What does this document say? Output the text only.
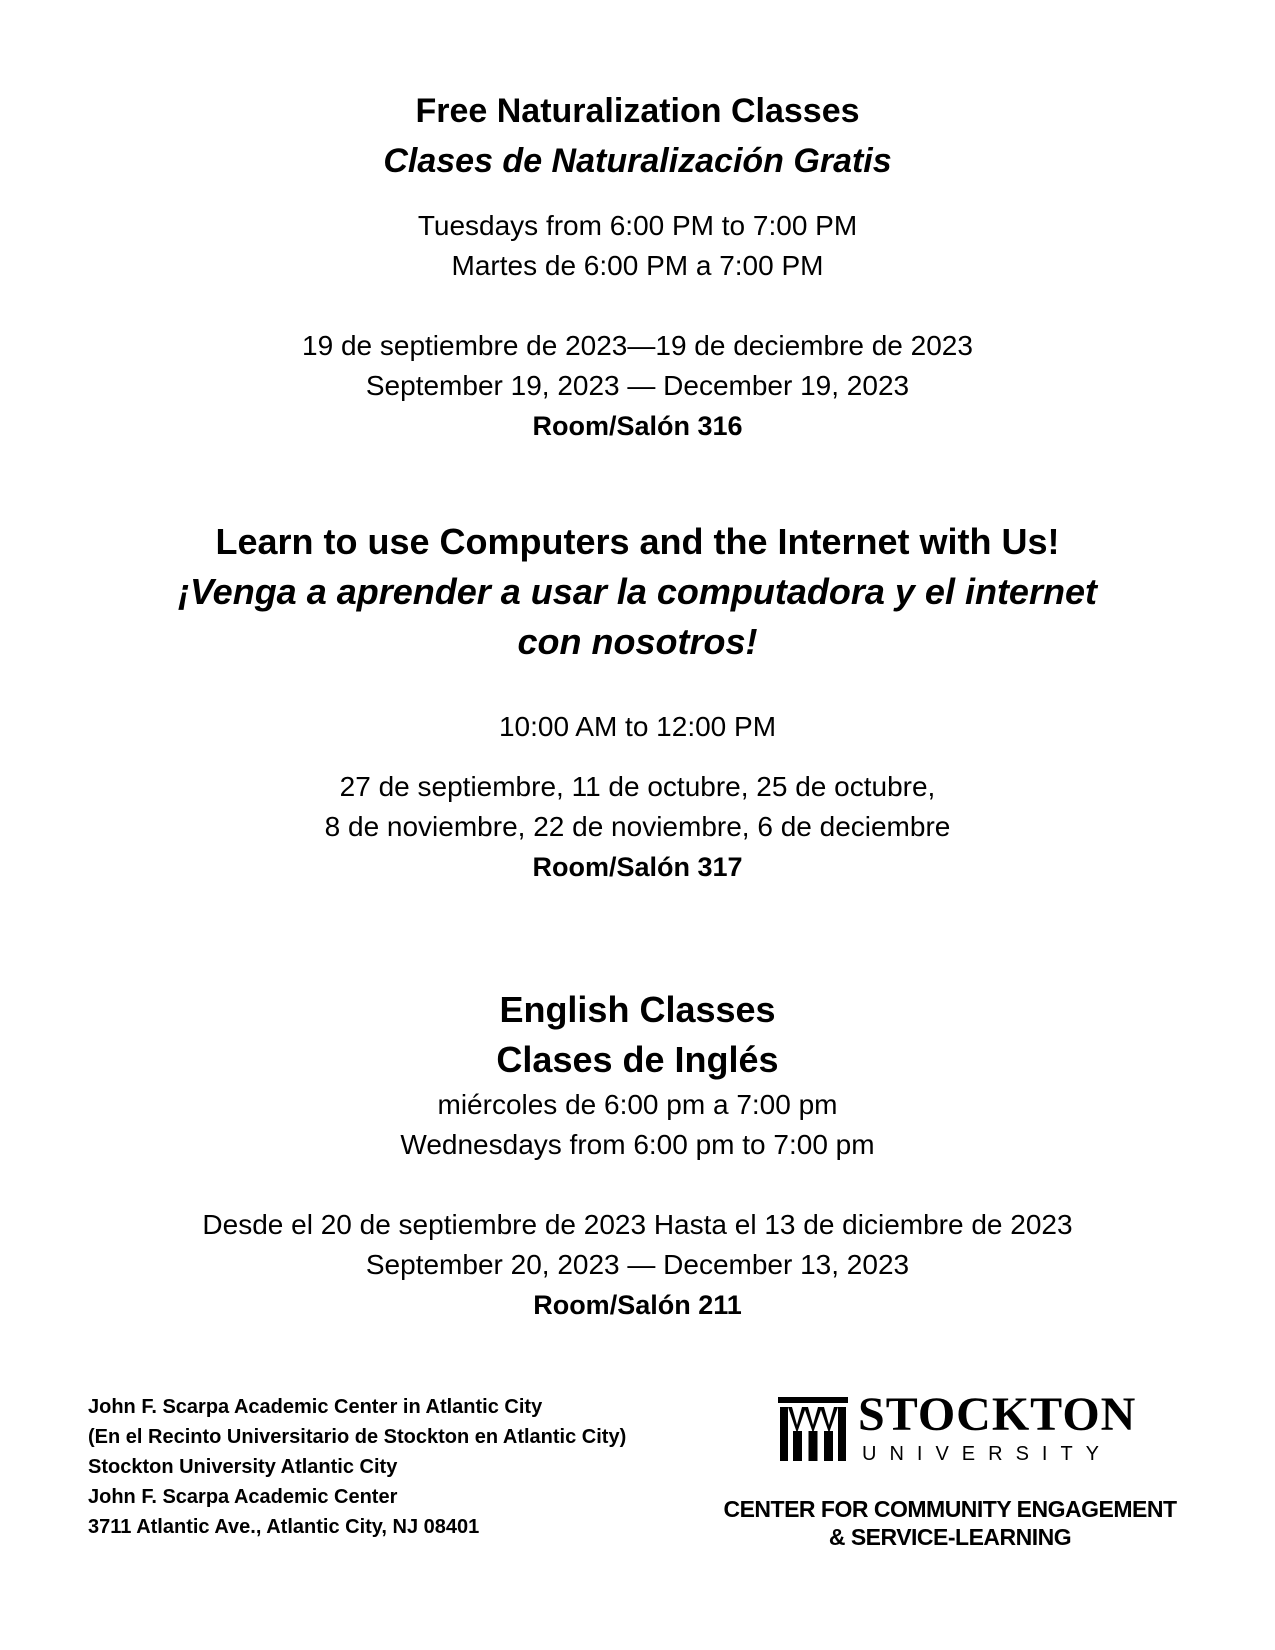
Free Naturalization Classes
Clases de Naturalización Gratis
Tuesdays from 6:00 PM to 7:00 PM
Martes de 6:00 PM a 7:00 PM
19 de septiembre de 2023—19 de deciembre de 2023
September 19, 2023 — December 19, 2023
Room/Salón 316
Learn to use Computers and the Internet with Us!
¡Venga a aprender a usar la computadora y el internet
con nosotros!
10:00 AM to 12:00 PM
27 de septiembre, 11 de octubre, 25 de octubre,
8 de noviembre, 22 de noviembre, 6 de deciembre
Room/Salón 317
English Classes
Clases de Inglés
miércoles de 6:00 pm a 7:00 pm
Wednesdays from 6:00 pm to 7:00 pm
Desde el 20 de septiembre de 2023 Hasta el 13 de diciembre de 2023
September 20, 2023 — December 13, 2023
Room/Salón 211
John F. Scarpa Academic Center in Atlantic City
(En el Recinto Universitario de Stockton en Atlantic City)
Stockton University Atlantic City
John F. Scarpa Academic Center
3711 Atlantic Ave., Atlantic City, NJ 08401
STOCKTON
UNIVERSITY
CENTER FOR COMMUNITY ENGAGEMENT
& SERVICE-LEARNING
